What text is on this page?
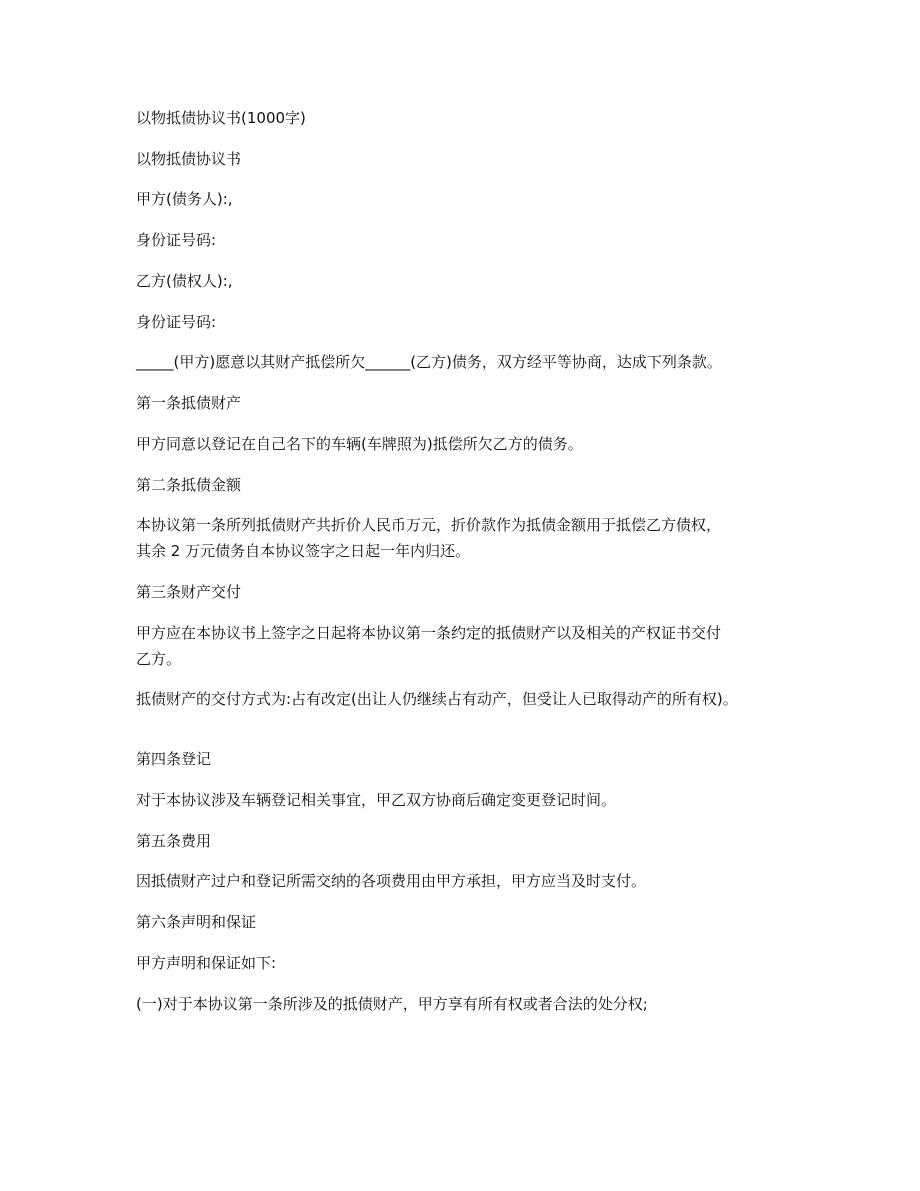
以物抵债协议书(1000字)

以物抵债协议书

甲方(债务人):,

身份证号码:

乙方(债权人):,

身份证号码:

_____(甲方)愿意以其财产抵偿所欠______(乙方)债务，双方经平等协商，达成下列条款。

第一条抵债财产

甲方同意以登记在自己名下的车辆(车牌照为)抵偿所欠乙方的债务。

第二条抵债金额

本协议第一条所列抵债财产共折价人民币万元，折价款作为抵债金额用于抵偿乙方债权，

其余 2 万元债务自本协议签字之日起一年内归还。

第三条财产交付

甲方应在本协议书上签字之日起将本协议第一条约定的抵债财产以及相关的产权证书交付

乙方。

抵债财产的交付方式为:占有改定(出让人仍继续占有动产，但受让人已取得动产的所有权)。

第四条登记

对于本协议涉及车辆登记相关事宜，甲乙双方协商后确定变更登记时间。

第五条费用

因抵债财产过户和登记所需交纳的各项费用由甲方承担，甲方应当及时支付。

第六条声明和保证

甲方声明和保证如下:

(一)对于本协议第一条所涉及的抵债财产，甲方享有所有权或者合法的处分权;
